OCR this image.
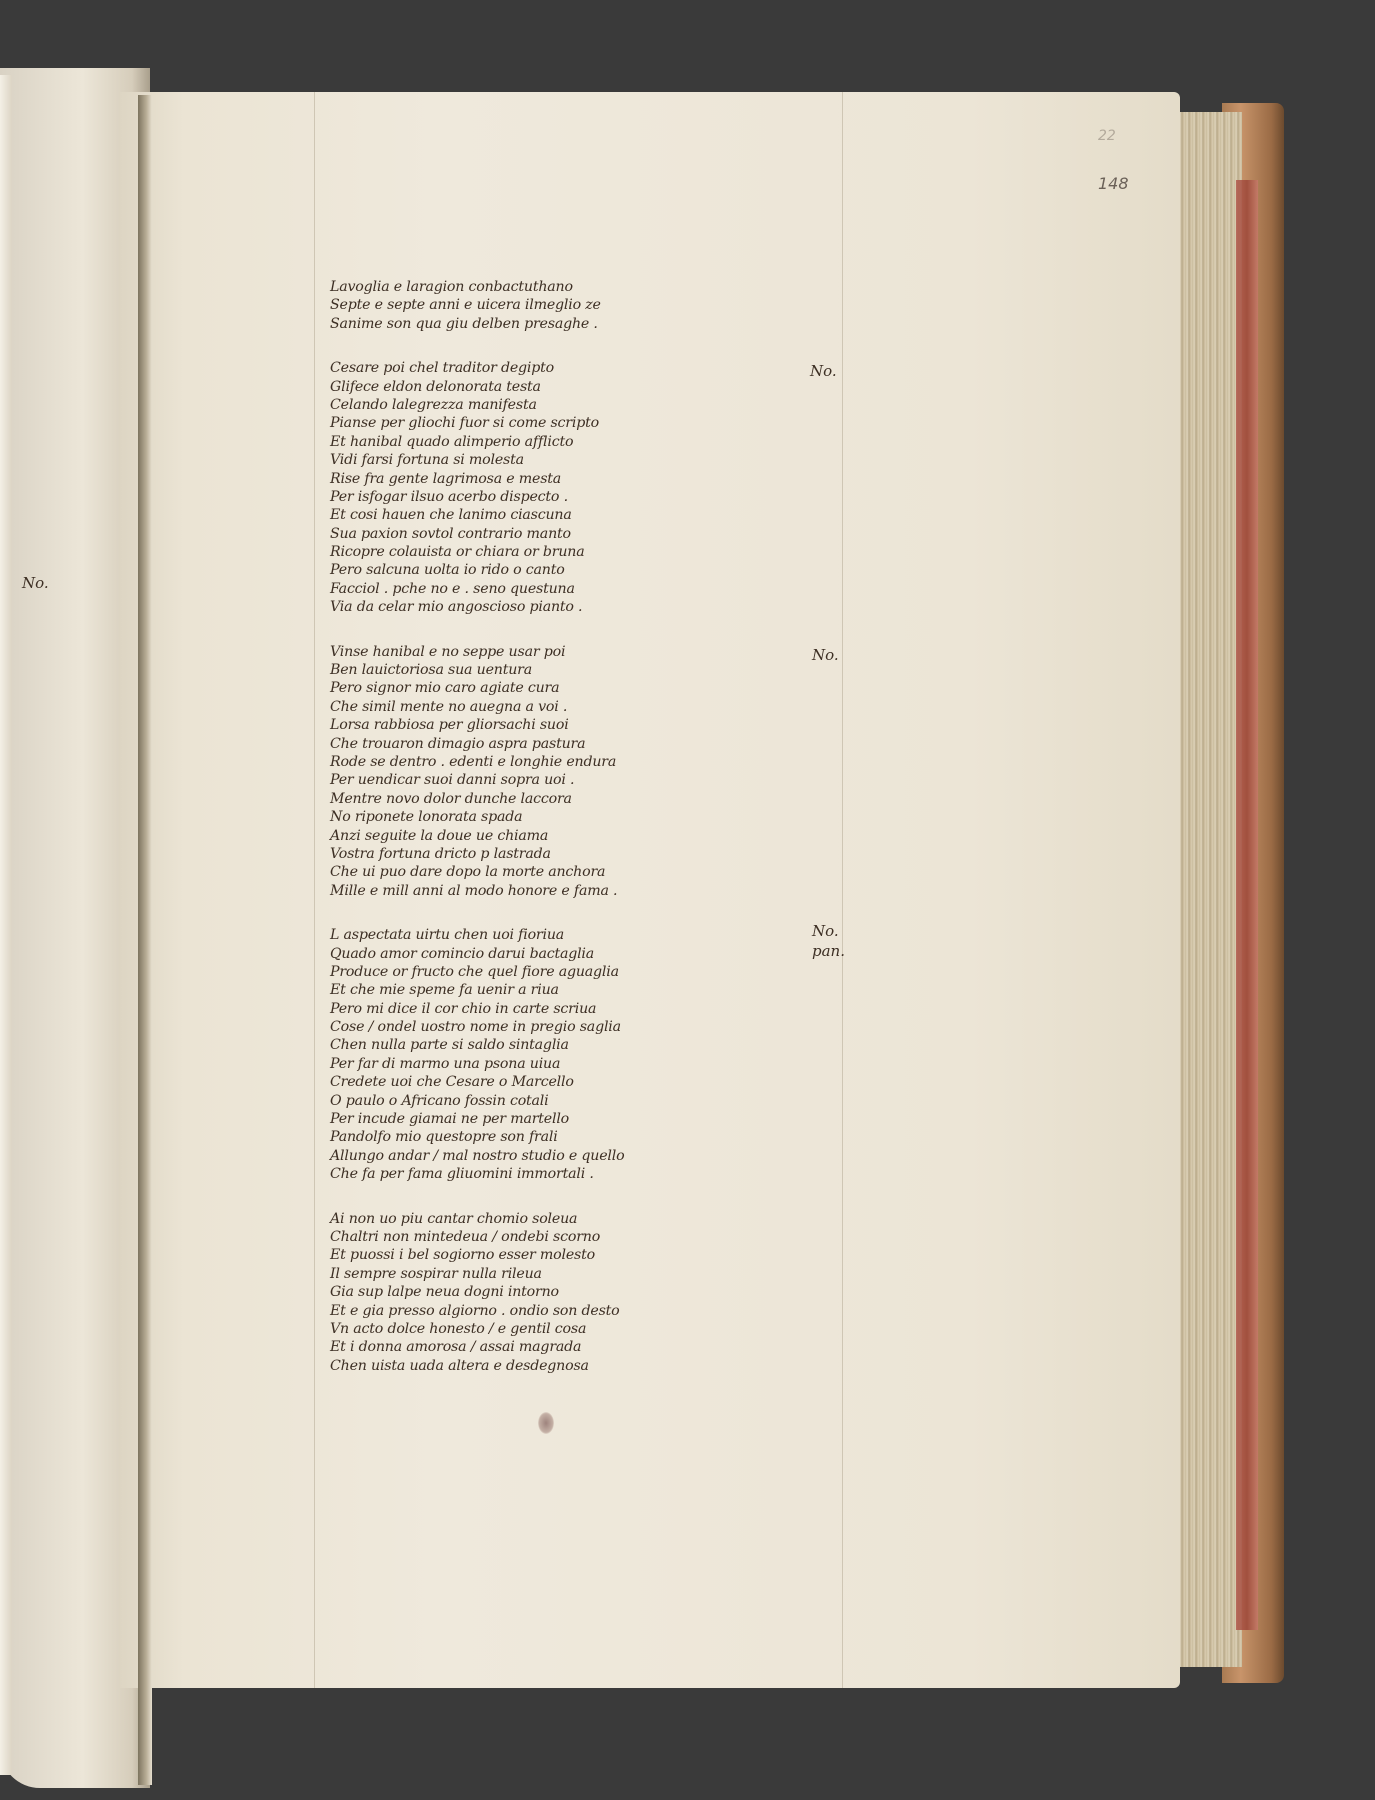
22
148
No.
No.
No.
No.
pan.
Lavoglia e laragion conbactuthano
Septe e septe anni e uicera ilmeglio ze
Sanime son qua giu delben presaghe .
Cesare poi chel traditor degipto
Glifece eldon delonorata testa
Celando lalegrezza manifesta
Pianse per gliochi fuor si come scripto
Et hanibal quado alimperio afflicto
Vidi farsi fortuna si molesta
Rise fra gente lagrimosa e mesta
Per isfogar ilsuo acerbo dispecto .
Et cosi hauen che lanimo ciascuna
Sua paxion sovtol contrario manto
Ricopre colauista or chiara or bruna
Pero salcuna uolta io rido o canto
Facciol . pche no e . seno questuna
Via da celar mio angoscioso pianto .
Vinse hanibal e no seppe usar poi
Ben lauictoriosa sua uentura
Pero signor mio caro agiate cura
Che simil mente no auegna a voi .
Lorsa rabbiosa per gliorsachi suoi
Che trouaron dimagio aspra pastura
Rode se dentro . edenti e longhie endura
Per uendicar suoi danni sopra uoi .
Mentre novo dolor dunche laccora
No riponete lonorata spada
Anzi seguite la doue ue chiama
Vostra fortuna dricto p lastrada
Che ui puo dare dopo la morte anchora
Mille e mill anni al modo honore e fama .
L aspectata uirtu chen uoi fioriua
Quado amor comincio darui bactaglia
Produce or fructo che quel fiore aguaglia
Et che mie speme fa uenir a riua
Pero mi dice il cor chio in carte scriua
Cose / ondel uostro nome in pregio saglia
Chen nulla parte si saldo sintaglia
Per far di marmo una psona uiua
Credete uoi che Cesare o Marcello
O paulo o Africano fossin cotali
Per incude giamai ne per martello
Pandolfo mio questopre son frali
Allungo andar / mal nostro studio e quello
Che fa per fama gliuomini immortali .
Ai non uo piu cantar chomio soleua
Chaltri non mintedeua / ondebi scorno
Et puossi i bel sogiorno esser molesto
Il sempre sospirar nulla rileua
Gia sup lalpe neua dogni intorno
Et e gia presso algiorno . ondio son desto
Vn acto dolce honesto / e gentil cosa
Et i donna amorosa / assai magrada
Chen uista uada altera e desdegnosa
